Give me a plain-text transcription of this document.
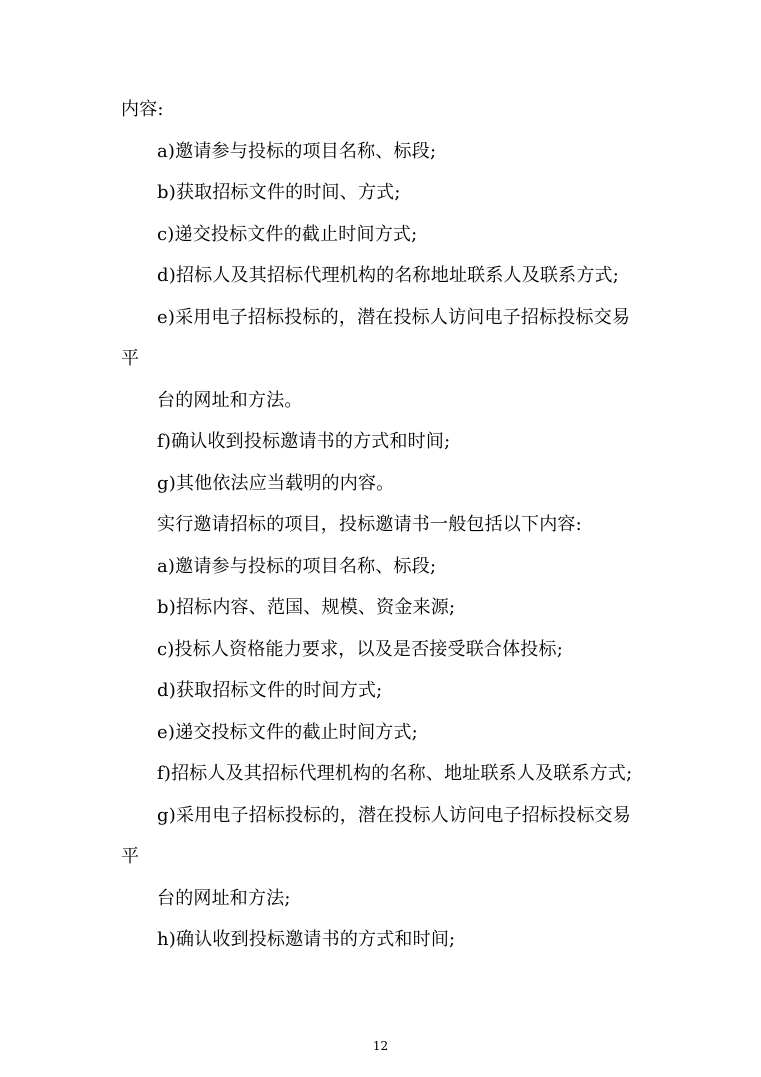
内容:
a)邀请参与投标的项目名称、标段;
b)获取招标文件的时间、方式;
c)递交投标文件的截止时间方式;
d)招标人及其招标代理机构的名称地址联系人及联系方式;
e)采用电子招标投标的，潜在投标人访问电子招标投标交易
平
台的网址和方法。
f)确认收到投标邀请书的方式和时间;
g)其他依法应当载明的内容。
实行邀请招标的项目，投标邀请书一般包括以下内容:
a)邀请参与投标的项目名称、标段;
b)招标内容、范国、规模、资金来源;
c)投标人资格能力要求，以及是否接受联合体投标;
d)获取招标文件的时间方式;
e)递交投标文件的截止时间方式;
f)招标人及其招标代理机构的名称、地址联系人及联系方式;
g)采用电子招标投标的，潜在投标人访问电子招标投标交易
平
台的网址和方法;
h)确认收到投标邀请书的方式和时间;
12
